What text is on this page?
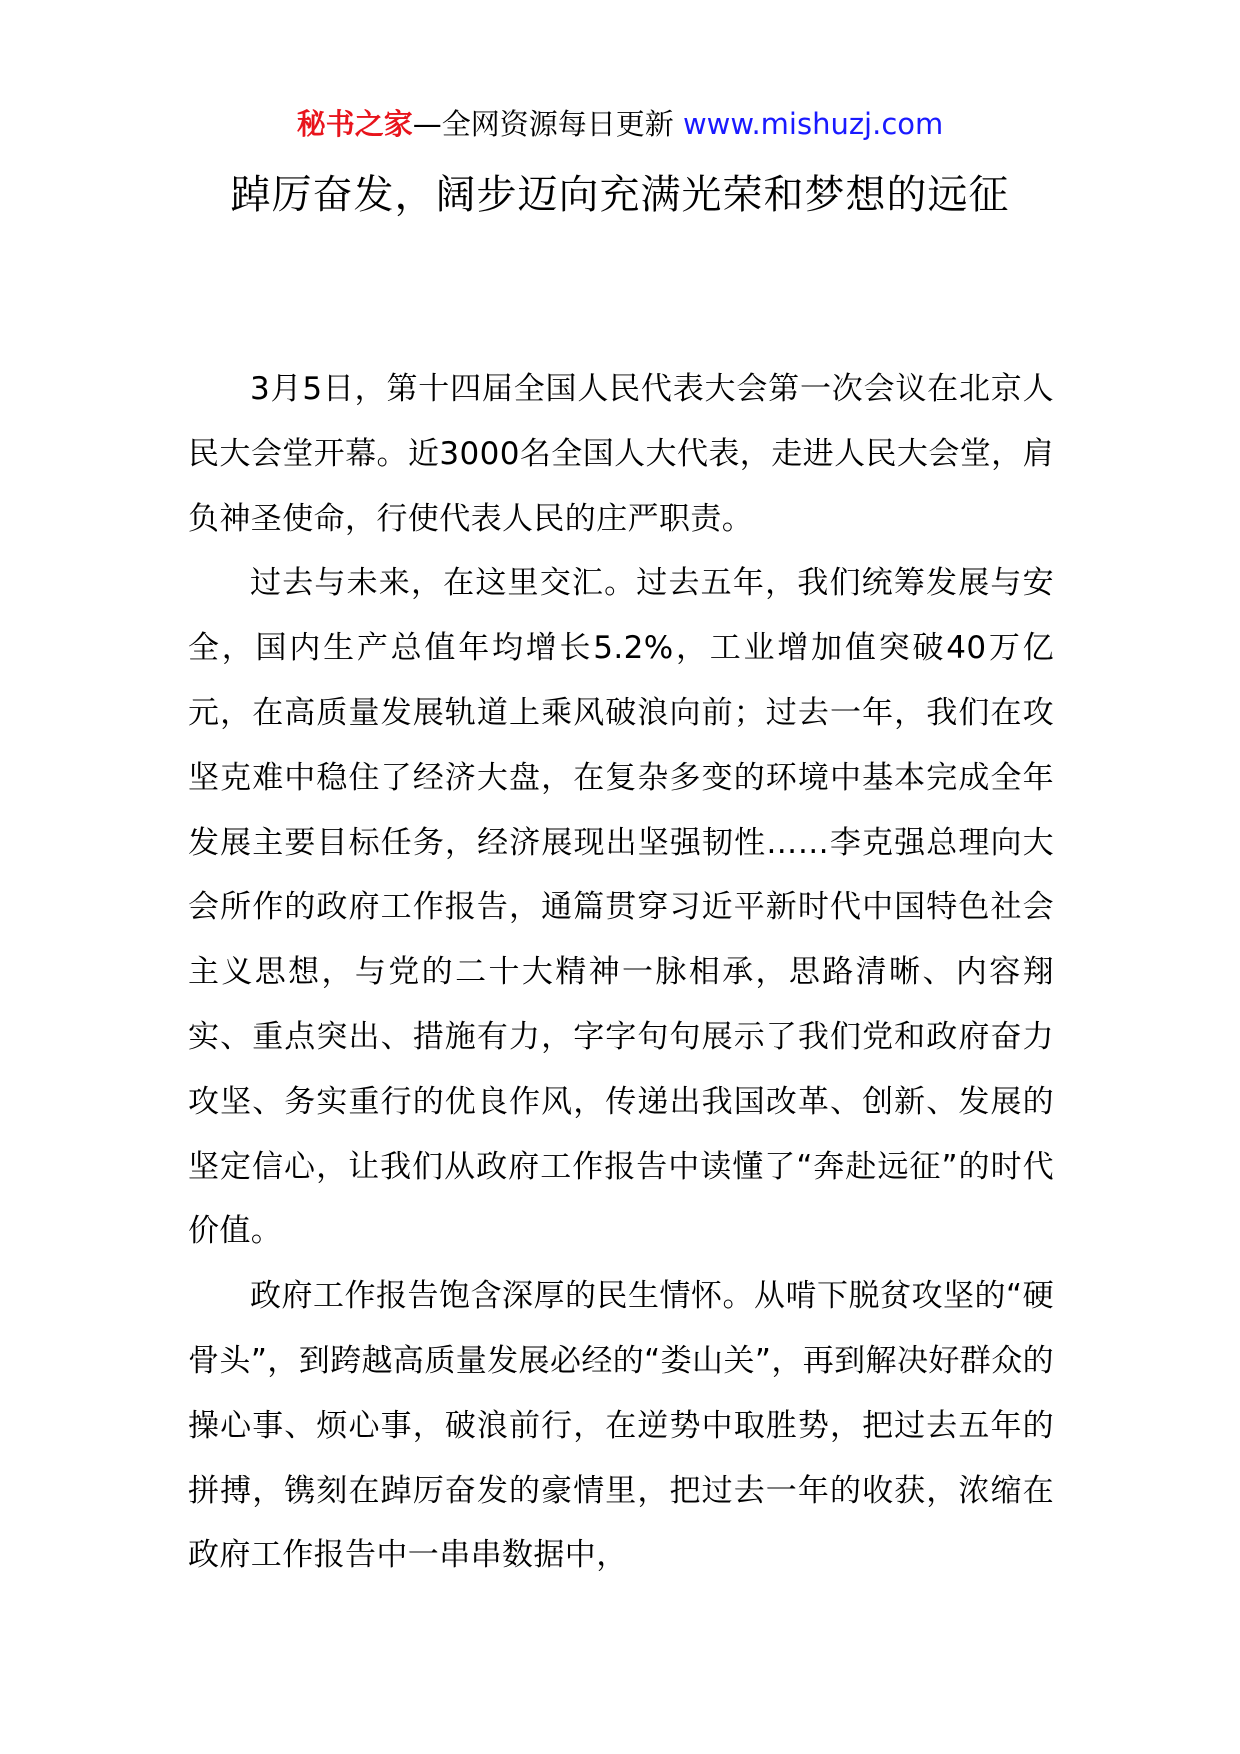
秘书之家—全网资源每日更新 www.mishuzj.com
踔厉奋发，阔步迈向充满光荣和梦想的远征

3月5日，第十四届全国人民代表大会第一次会议在北京人民大会堂开幕。近3000名全国人大代表，走进人民大会堂，肩负神圣使命，行使代表人民的庄严职责。

过去与未来，在这里交汇。过去五年，我们统筹发展与安全，国内生产总值年均增长5.2%，工业增加值突破40万亿元，在高质量发展轨道上乘风破浪向前；过去一年，我们在攻坚克难中稳住了经济大盘，在复杂多变的环境中基本完成全年发展主要目标任务，经济展现出坚强韧性……李克强总理向大会所作的政府工作报告，通篇贯穿习近平新时代中国特色社会主义思想，与党的二十大精神一脉相承，思路清晰、内容翔实、重点突出、措施有力，字字句句展示了我们党和政府奋力攻坚、务实重行的优良作风，传递出我国改革、创新、发展的坚定信心，让我们从政府工作报告中读懂了“奔赴远征”的时代价值。

政府工作报告饱含深厚的民生情怀。从啃下脱贫攻坚的“硬骨头”，到跨越高质量发展必经的“娄山关”，再到解决好群众的操心事、烦心事，破浪前行，在逆势中取胜势，把过去五年的拼搏，镌刻在踔厉奋发的豪情里，把过去一年的收获，浓缩在政府工作报告中一串串数据中，
